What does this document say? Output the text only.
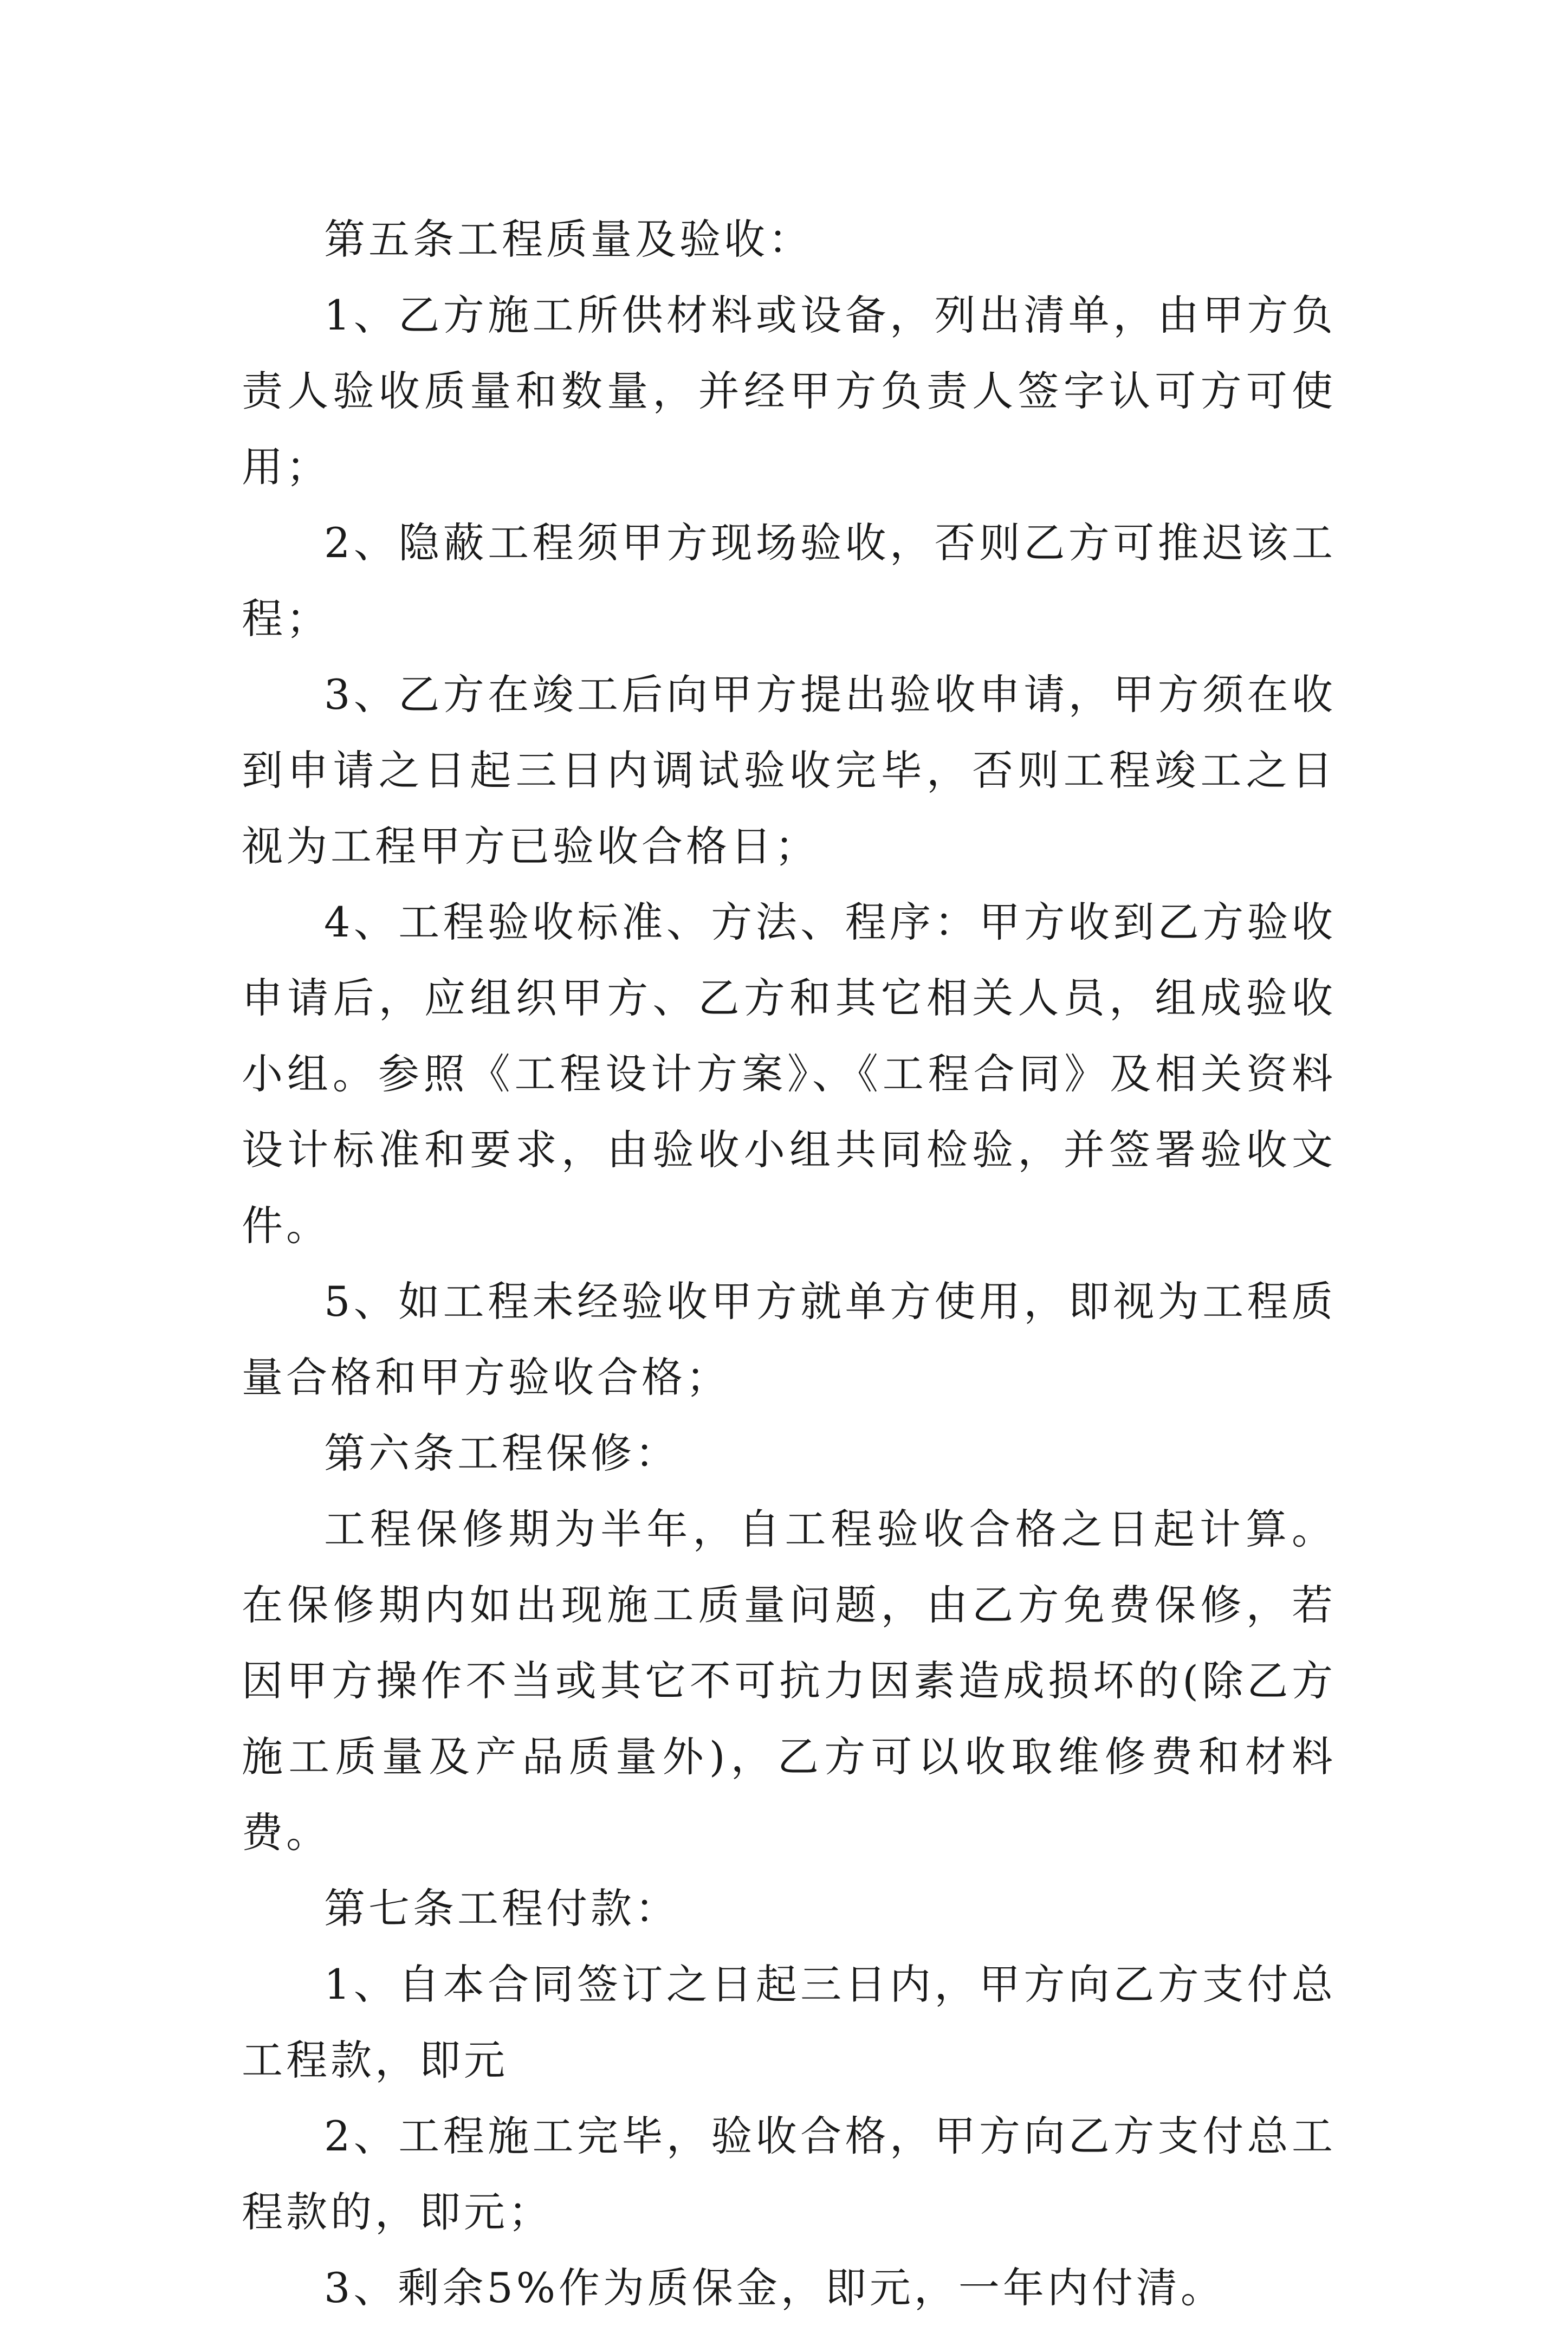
第五条工程质量及验收：

1、乙方施工所供材料或设备，列出清单，由甲方负责人验收质量和数量，并经甲方负责人签字认可方可使用；

2、隐蔽工程须甲方现场验收，否则乙方可推迟该工程；

3、乙方在竣工后向甲方提出验收申请，甲方须在收到申请之日起三日内调试验收完毕，否则工程竣工之日视为工程甲方已验收合格日；

4、工程验收标准、方法、程序：甲方收到乙方验收申请后，应组织甲方、乙方和其它相关人员，组成验收小组。参照《工程设计方案》、《工程合同》及相关资料设计标准和要求，由验收小组共同检验，并签署验收文件。

5、如工程未经验收甲方就单方使用，即视为工程质量合格和甲方验收合格；

第六条工程保修：

工程保修期为半年，自工程验收合格之日起计算。在保修期内如出现施工质量问题，由乙方免费保修，若因甲方操作不当或其它不可抗力因素造成损坏的(除乙方施工质量及产品质量外)，乙方可以收取维修费和材料费。

第七条工程付款：

1、自本合同签订之日起三日内，甲方向乙方支付总工程款，即元

2、工程施工完毕，验收合格，甲方向乙方支付总工程款的，即元；

3、剩余5%作为质保金，即元，一年内付清。
